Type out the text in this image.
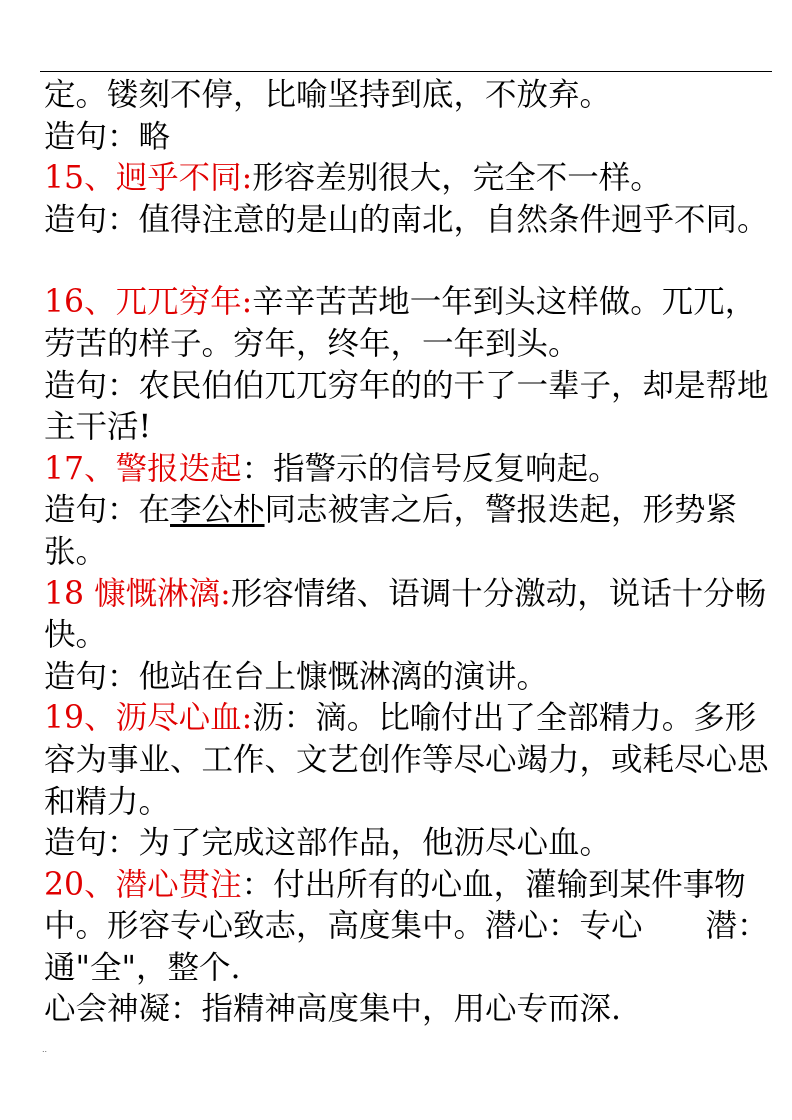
定。镂刻不停，比喻坚持到底，不放弃。

造句：略

15、迥乎不同:形容差别很大，完全不一样。

造句：值得注意的是山的南北，自然条件迥乎不同。

16、兀兀穷年:辛辛苦苦地一年到头这样做。兀兀，劳苦的样子。穷年，终年，一年到头。

造句：农民伯伯兀兀穷年的的干了一辈子，却是帮地主干活!

17、警报迭起：指警示的信号反复响起。

造句：在李公朴同志被害之后，警报迭起，形势紧张。

18 慷慨淋漓:形容情绪、语调十分激动，说话十分畅快。

造句：他站在台上慷慨淋漓的演讲。

19、沥尽心血:沥：滴。比喻付出了全部精力。多形容为事业、工作、文艺创作等尽心竭力，或耗尽心思和精力。

造句：为了完成这部作品，他沥尽心血。

20、潜心贯注：付出所有的心血，灌输到某件事物中。形容专心致志，高度集中。潜心：专心　　潜：通"全"，整个.

心会神凝：指精神高度集中，用心专而深.

..
